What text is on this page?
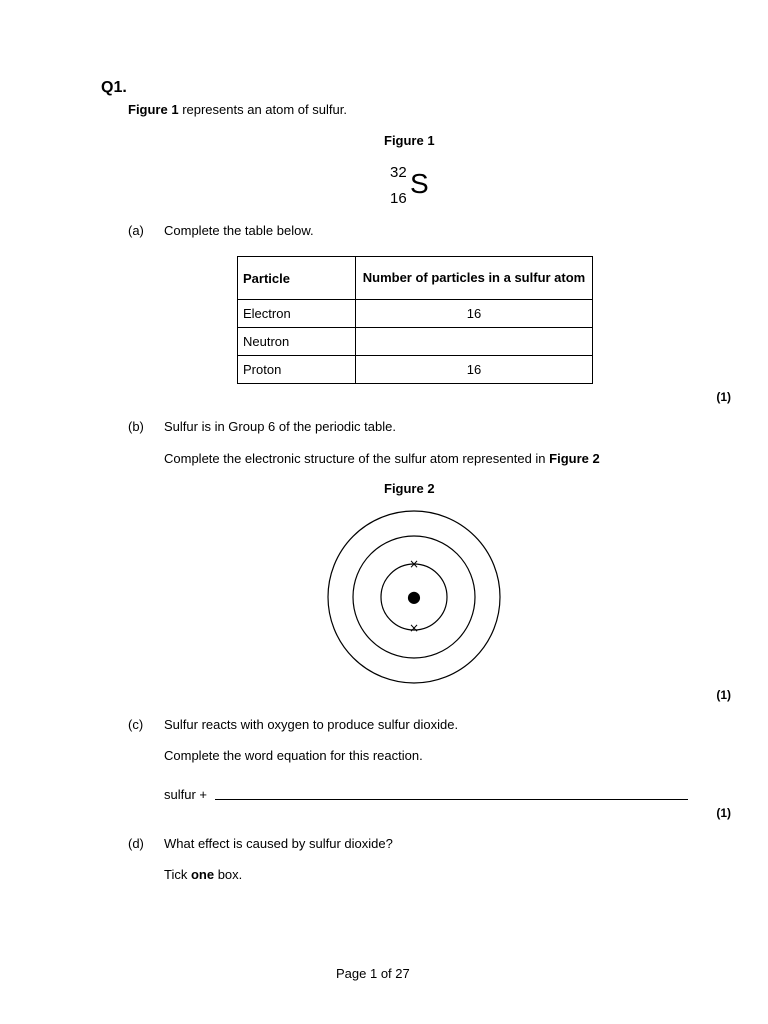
Q1.
Figure 1 represents an atom of sulfur.
Figure 1
32
16 S
(a) Complete the table below.
Particle	Number of particles in a sulfur atom
Electron	16
Neutron	
Proton	16
(1)
(b) Sulfur is in Group 6 of the periodic table.
Complete the electronic structure of the sulfur atom represented in Figure 2
Figure 2
●
×
×
(1)
(c) Sulfur reacts with oxygen to produce sulfur dioxide.
Complete the word equation for this reaction.
sulfur +
(1)
(d) What effect is caused by sulfur dioxide?
Tick one box.
Page 1 of 27
